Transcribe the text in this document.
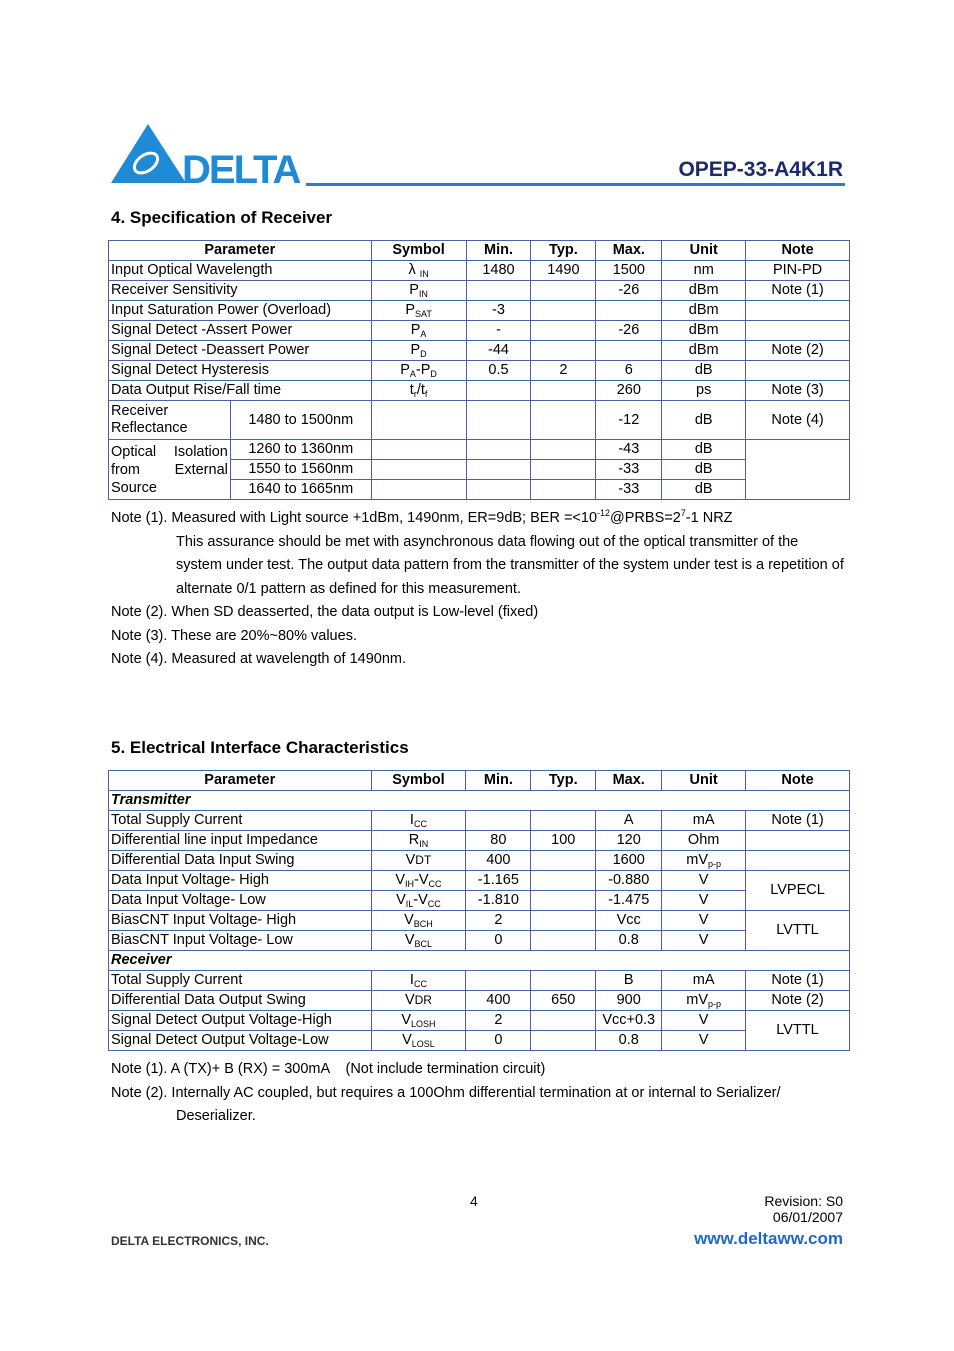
DELTA	OPEP-33-A4K1R
4. Specification of Receiver
Parameter		Symbol	Min.	Typ.	Max.	Unit	Note
Input Optical Wavelength		λ $_{IN}$	1480	1490	1500	nm	PIN-PD
Receiver Sensitivity		$P_{IN}$			-26	dBm	Note (1)
Input Saturation Power (Overload)		$P_{SAT}$	-3			dBm	
Signal Detect -Assert Power		$P_A$	-		-26	dBm	
Signal Detect -Deassert Power		$P_D$	-44			dBm	Note (2)
Signal Detect Hysteresis		$P_A-P_D$	0.5	2	6	dB	
Data Output Rise/Fall time		$t_r/t_f$			260	ps	Note (3)
Receiver Reflectance	1480 to 1500nm				-12	dB	Note (4)

Optical Isolation
from External
Source	1260 to 1360nm				-43	dB	
	1550 to 1560nm				-33	dB	
	1640 to 1665nm				-33	dB	
Note (1). Measured with Light source +1dBm, 1490nm, ER=9dB; BER $=<10^{-12}@PRBS=2^7-1$ NRZ
This assurance should be met with asynchronous data flowing out of the optical transmitter of the system under test. The output data pattern from the transmitter of the system under test is a repetition of alternate 0/1 pattern as defined for this measurement.
Note (2). When SD deasserted, the data output is Low-level (fixed)
Note (3). These are 20%~80% values.
Note (4). Measured at wavelength of 1490nm.
5. Electrical Interface Characteristics
Parameter	Symbol	Min.	Typ.	Max.	Unit	Note
Transmitter						
Total Supply Current	$I_{CC}$			A	mA	Note (1)
Differential line input Impedance	$R_{IN}$	80	100	120	Ohm	
Differential Data Input Swing	VDT	400		1600	$mV_{p-p}$	
Data Input Voltage- High	$V_{IH}-V_{CC}$	-1.165		-0.880	V	LVPECL
Data Input Voltage- Low	$V_{IL}-V_{CC}$	-1.810		-1.475	V	
BiasCNT Input Voltage- High	$V_{BCH}$	2		Vcc	V	LVTTL
BiasCNT Input Voltage- Low	$V_{BCL}$	0		0.8	V	
Receiver						
Total Supply Current	$I_{CC}$			B	mA	Note (1)
Differential Data Output Swing	VDR	400	650	900	$mV_{p-p}$	Note (2)
Signal Detect Output Voltage-High	$V_{LOSH}$	2		Vcc+0.3	V	LVTTL
Signal Detect Output Voltage-Low	$V_{LOSL}$	0		0.8	V	
Note (1). A (TX)+ B (RX) = 300mA    (Not include termination circuit)
Note (2). Internally AC coupled, but requires a 100Ohm differential termination at or internal to Serializer/
Deserializer.
4	Revision: S0
06/01/2007
DELTA ELECTRONICS, INC.	www.deltaww.com
